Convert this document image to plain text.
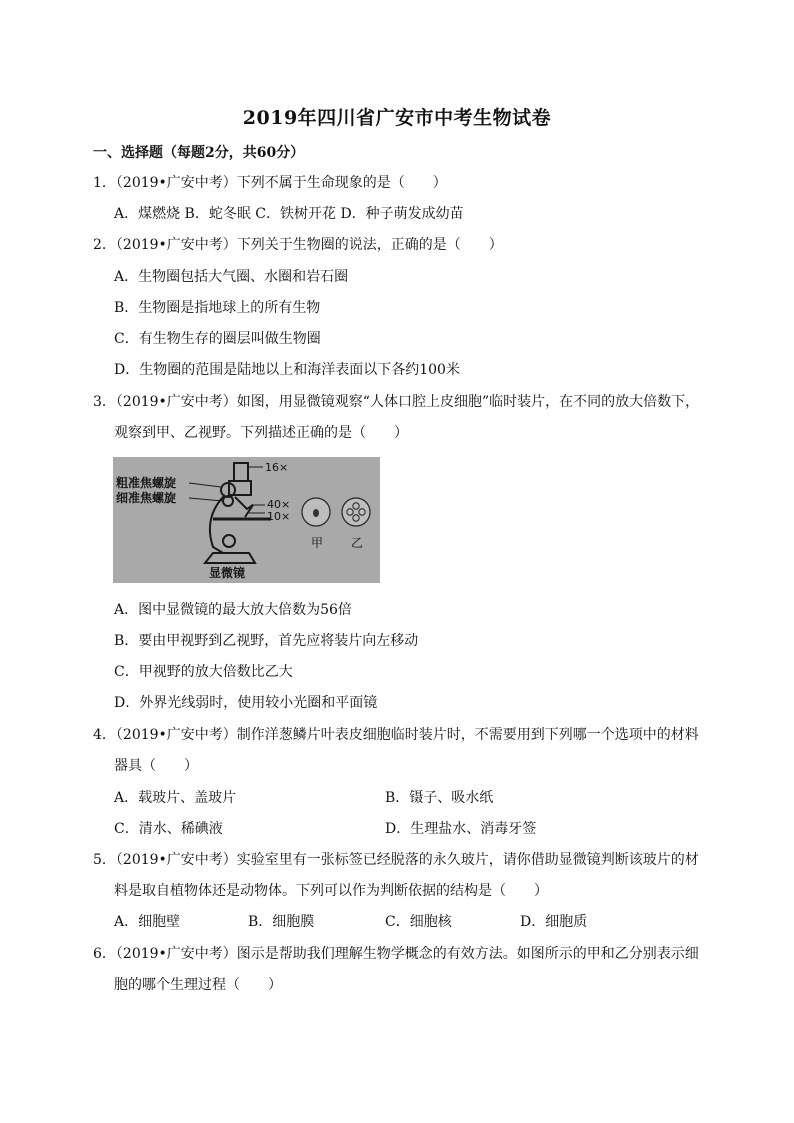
2019年四川省广安市中考生物试卷
一、选择题（每题2分，共60分）
1．（2019•广安中考）下列不属于生命现象的是（　　）
A．煤燃烧 B．蛇冬眠 C．铁树开花 D．种子萌发成幼苗
2．（2019•广安中考）下列关于生物圈的说法，正确的是（　　）
A．生物圈包括大气圈、水圈和岩石圈
B．生物圈是指地球上的所有生物
C．有生物生存的圈层叫做生物圈
D．生物圈的范围是陆地以上和海洋表面以下各约100米
3．（2019•广安中考）如图，用显微镜观察“人体口腔上皮细胞”临时装片，在不同的放大倍数下，
观察到甲、乙视野。下列描述正确的是（　　）
粗准焦螺旋
细准焦螺旋
16×
40×
10×
显微镜
甲 乙
A．图中显微镜的最大放大倍数为56倍
B．要由甲视野到乙视野，首先应将装片向左移动
C．甲视野的放大倍数比乙大
D．外界光线弱时，使用较小光圈和平面镜
4．（2019•广安中考）制作洋葱鳞片叶表皮细胞临时装片时，不需要用到下列哪一个选项中的材料
器具（　　）
A．载玻片、盖玻片	B．镊子、吸水纸
C．清水、稀碘液	D．生理盐水、消毒牙签
5．（2019•广安中考）实验室里有一张标签已经脱落的永久玻片，请你借助显微镜判断该玻片的材
料是取自植物体还是动物体。下列可以作为判断依据的结构是（　　）
A．细胞壁	B．细胞膜	C．细胞核	D．细胞质
6．（2019•广安中考）图示是帮助我们理解生物学概念的有效方法。如图所示的甲和乙分别表示细
胞的哪个生理过程（　　）
